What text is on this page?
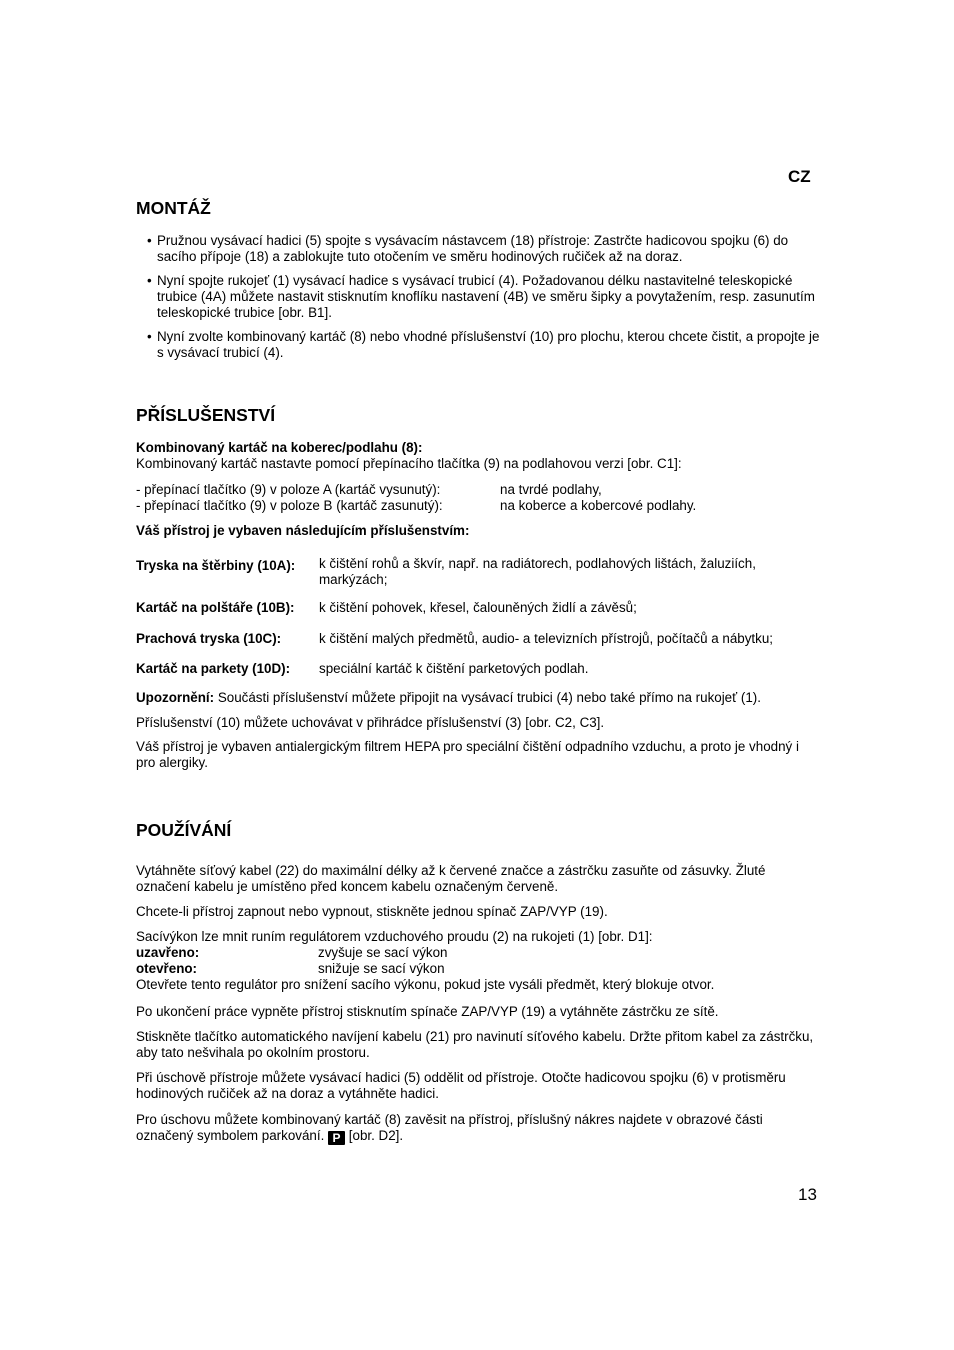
CZ
MONTÁŽ
• Pružnou vysávací hadici (5) spojte s vysávacím nástavcem (18) přístroje: Zastrčte hadicovou spojku (6) do sacího přípoje (18) a zablokujte tuto otočením ve směru hodinových ručiček až na doraz.
• Nyní spojte rukojeť (1) vysávací hadice s vysávací trubicí (4). Požadovanou délku nastavitelné teleskopické trubice (4A) můžete nastavit stisknutím knoflíku nastavení (4B) ve směru šipky a povytažením, resp. zasunutím teleskopické trubice [obr. B1].
• Nyní zvolte kombinovaný kartáč (8) nebo vhodné příslušenství (10) pro plochu, kterou chcete čistit, a propojte je s vysávací trubicí (4).
PŘÍSLUŠENSTVÍ
Kombinovaný kartáč na koberec/podlahu (8):
Kombinovaný kartáč nastavte pomocí přepínacího tlačítka (9) na podlahovou verzi [obr. C1]:
- přepínací tlačítko (9) v poloze A (kartáč vysunutý):	na tvrdé podlahy,
- přepínací tlačítko (9) v poloze B (kartáč zasunutý):	na koberce a kobercové podlahy.
Váš přístroj je vybaven následujícím příslušenstvím:
Tryska na štěrbiny (10A):	k čištění rohů a škvír, např. na radiátorech, podlahových lištách, žaluziích, markýzách;
Kartáč na polštáře (10B):	k čištění pohovek, křesel, čalouněných židlí a závěsů;
Prachová tryska (10C):	k čištění malých předmětů, audio- a televizních přístrojů, počítačů a nábytku;
Kartáč na parkety (10D):	speciální kartáč k čištění parketových podlah.
Upozornění: Součásti příslušenství můžete připojit na vysávací trubici (4) nebo také přímo na rukojeť (1).
Příslušenství (10) můžete uchovávat v přihrádce příslušenství (3) [obr. C2, C3].
Váš přístroj je vybaven antialergickým filtrem HEPA pro speciální čištění odpadního vzduchu, a proto je vhodný i pro alergiky.
POUŽÍVÁNÍ
Vytáhněte síťový kabel (22) do maximální délky až k červené značce a zástrčku zasuňte od zásuvky. Žluté označení kabelu je umístěno před koncem kabelu označeným červeně.
Chcete-li přístroj zapnout nebo vypnout, stiskněte jednou spínač ZAP/VYP (19).
Sacívýkon lze mnit runím regulátorem vzduchového proudu (2) na rukojeti (1) [obr. D1]:
uzavřeno:	zvyšuje se sací výkon
otevřeno:	snižuje se sací výkon
Otevřete tento regulátor pro snížení sacího výkonu, pokud jste vysáli předmět, který blokuje otvor.
Po ukončení práce vypněte přístroj stisknutím spínače ZAP/VYP (19) a vytáhněte zástrčku ze sítě.
Stiskněte tlačítko automatického navíjení kabelu (21) pro navinutí síťového kabelu. Držte přitom kabel za zástrčku, aby tato nešvihala po okolním prostoru.
Při úschově přístroje můžete vysávací hadici (5) oddělit od přístroje. Otočte hadicovou spojku (6) v protisměru hodinových ručiček až na doraz a vytáhněte hadici.
Pro úschovu můžete kombinovaný kartáč (8) zavěsit na přístroj, příslušný nákres najdete v obrazové části označený symbolem parkování. P [obr. D2].
13
